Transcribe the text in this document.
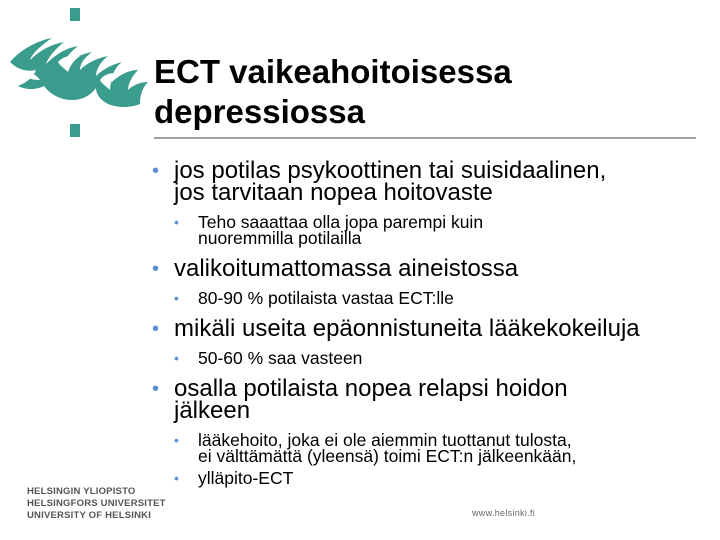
ECT vaikeahoitoisessa
depressiossa
• jos potilas psykoottinen tai suisidaalinen,
jos tarvitaan nopea hoitovaste
• Teho saaattaa olla jopa parempi kuin
nuoremmilla potilailla
• valikoitumattomassa aineistossa
• 80-90 % potilaista vastaa ECT:lle
• mikäli useita epäonnistuneita lääkekokeiluja
• 50-60 % saa vasteen
• osalla potilaista nopea relapsi hoidon
jälkeen
• lääkehoito, joka ei ole aiemmin tuottanut tulosta,
ei välttämättä (yleensä) toimi ECT:n jälkeenkään,
• ylläpito-ECT
HELSINGIN YLIOPISTO
HELSINGFORS UNIVERSITET
UNIVERSITY OF HELSINKI	www.helsinki.fi
